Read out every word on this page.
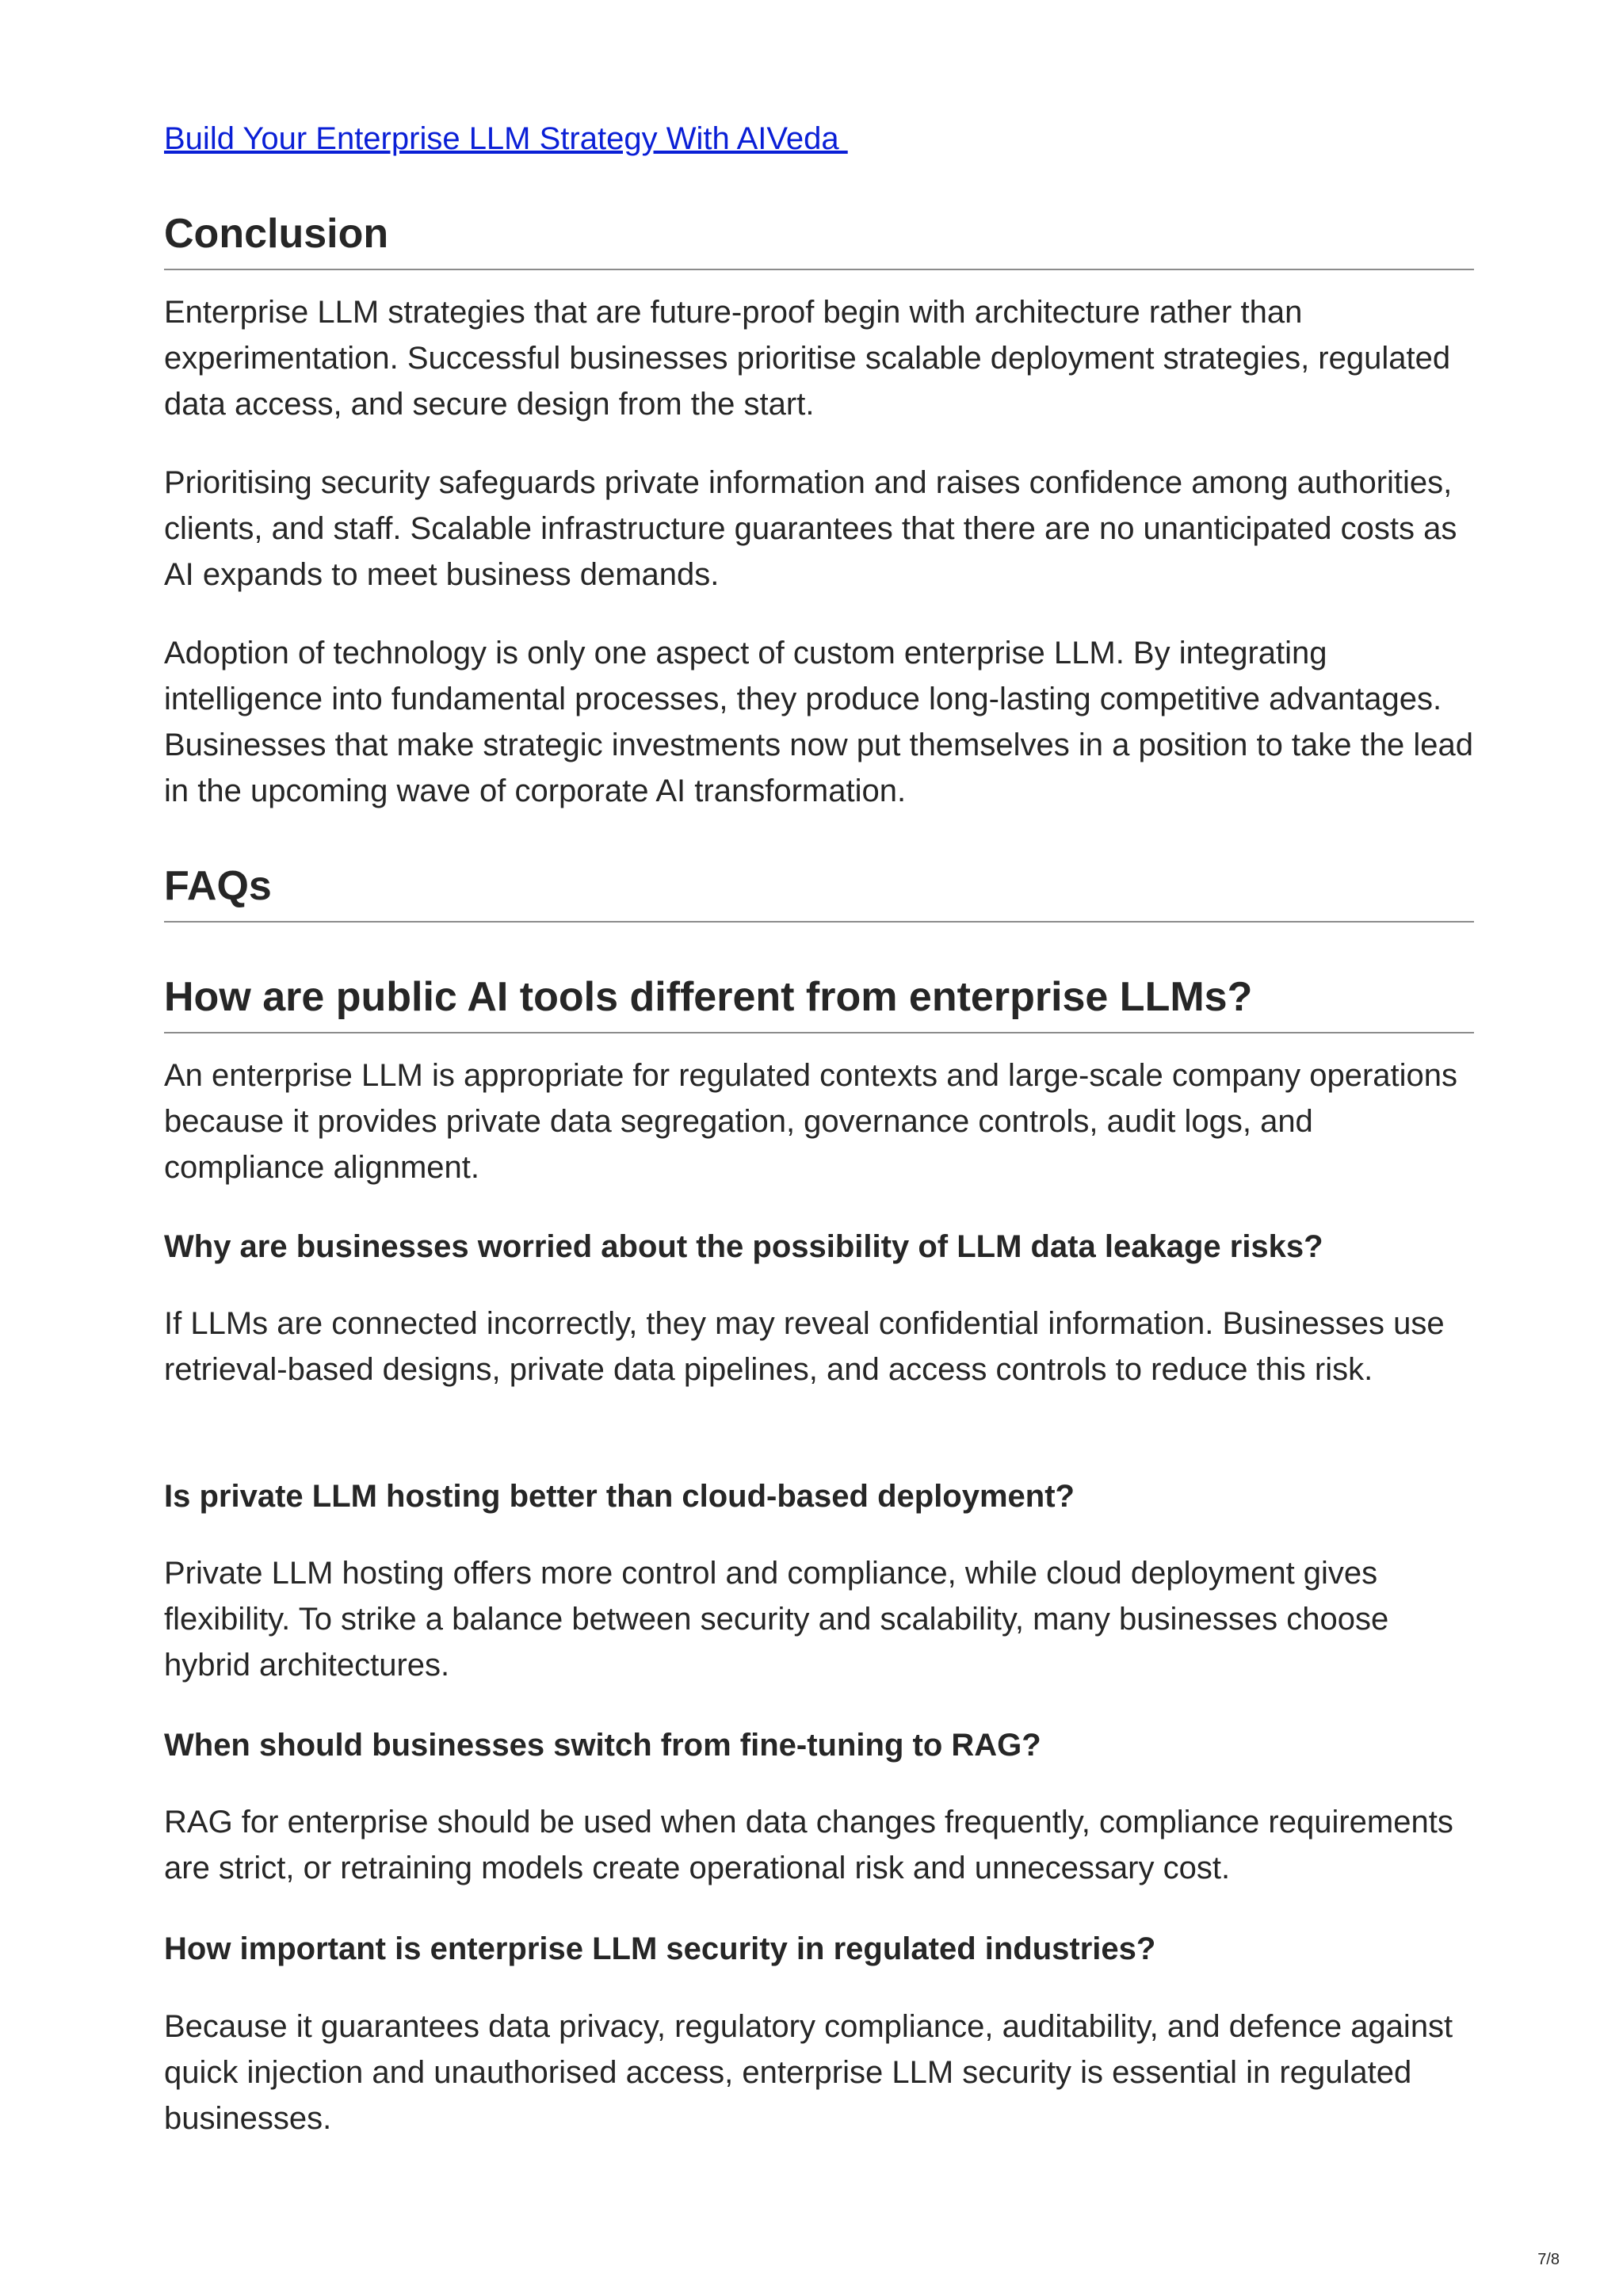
Build Your Enterprise LLM Strategy With AIVeda
Conclusion

Enterprise LLM strategies that are future-proof begin with architecture rather than experimentation. Successful businesses prioritise scalable deployment strategies, regulated data access, and secure design from the start.

Prioritising security safeguards private information and raises confidence among authorities, clients, and staff. Scalable infrastructure guarantees that there are no unanticipated costs as AI expands to meet business demands.

Adoption of technology is only one aspect of custom enterprise LLM. By integrating intelligence into fundamental processes, they produce long-lasting competitive advantages. Businesses that make strategic investments now put themselves in a position to take the lead in the upcoming wave of corporate AI transformation.

FAQs
How are public AI tools different from enterprise LLMs?

An enterprise LLM is appropriate for regulated contexts and large-scale company operations because it provides private data segregation, governance controls, audit logs, and compliance alignment.

Why are businesses worried about the possibility of LLM data leakage risks?

If LLMs are connected incorrectly, they may reveal confidential information. Businesses use retrieval-based designs, private data pipelines, and access controls to reduce this risk.

Is private LLM hosting better than cloud-based deployment?

Private LLM hosting offers more control and compliance, while cloud deployment gives flexibility. To strike a balance between security and scalability, many businesses choose hybrid architectures.

When should businesses switch from fine-tuning to RAG?

RAG for enterprise should be used when data changes frequently, compliance requirements are strict, or retraining models create operational risk and unnecessary cost.

How important is enterprise LLM security in regulated industries?

Because it guarantees data privacy, regulatory compliance, auditability, and defence against quick injection and unauthorised access, enterprise LLM security is essential in regulated businesses.

7/8
